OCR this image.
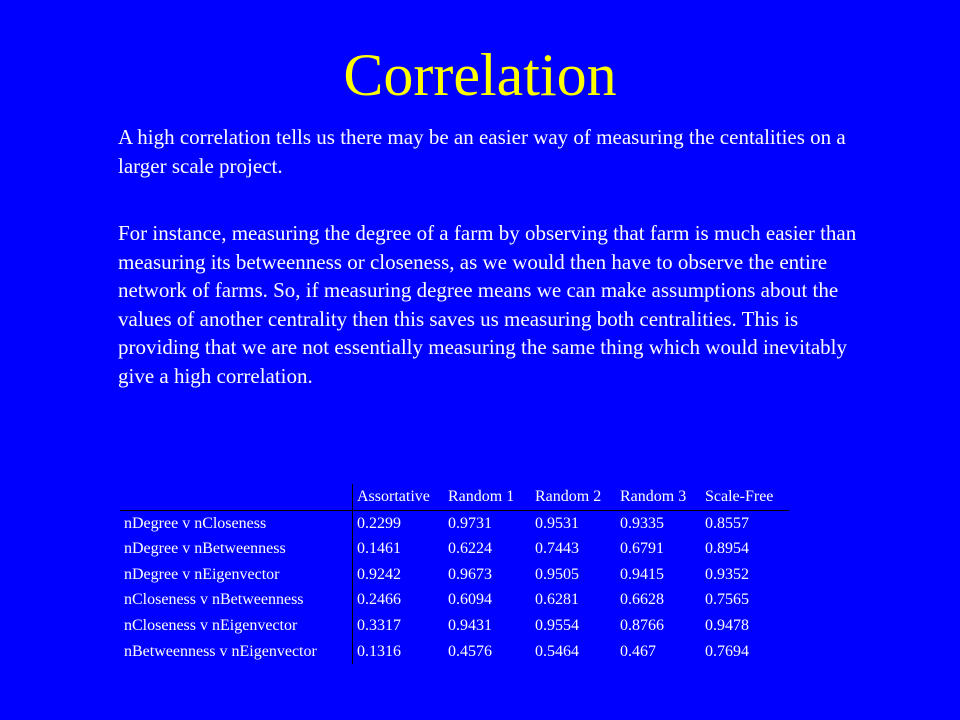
Correlation

A high correlation tells us there may be an easier way of measuring the centalities on a larger scale project.

For instance, measuring the degree of a farm by observing that farm is much easier than measuring its betweenness or closeness, as we would then have to observe the entire network of farms. So, if measuring degree means we can make assumptions about the values of another centrality then this saves us measuring both centralities. This is providing that we are not essentially measuring the same thing which would inevitably give a high correlation.

	Assortative	Random 1	Random 2	Random 3	Scale-Free
nDegree v nCloseness	0.2299	0.9731	0.9531	0.9335	0.8557
nDegree v nBetweenness	0.1461	0.6224	0.7443	0.6791	0.8954
nDegree v nEigenvector	0.9242	0.9673	0.9505	0.9415	0.9352
nCloseness v nBetweenness	0.2466	0.6094	0.6281	0.6628	0.7565
nCloseness v nEigenvector	0.3317	0.9431	0.9554	0.8766	0.9478
nBetweenness v nEigenvector	0.1316	0.4576	0.5464	0.467	0.7694
